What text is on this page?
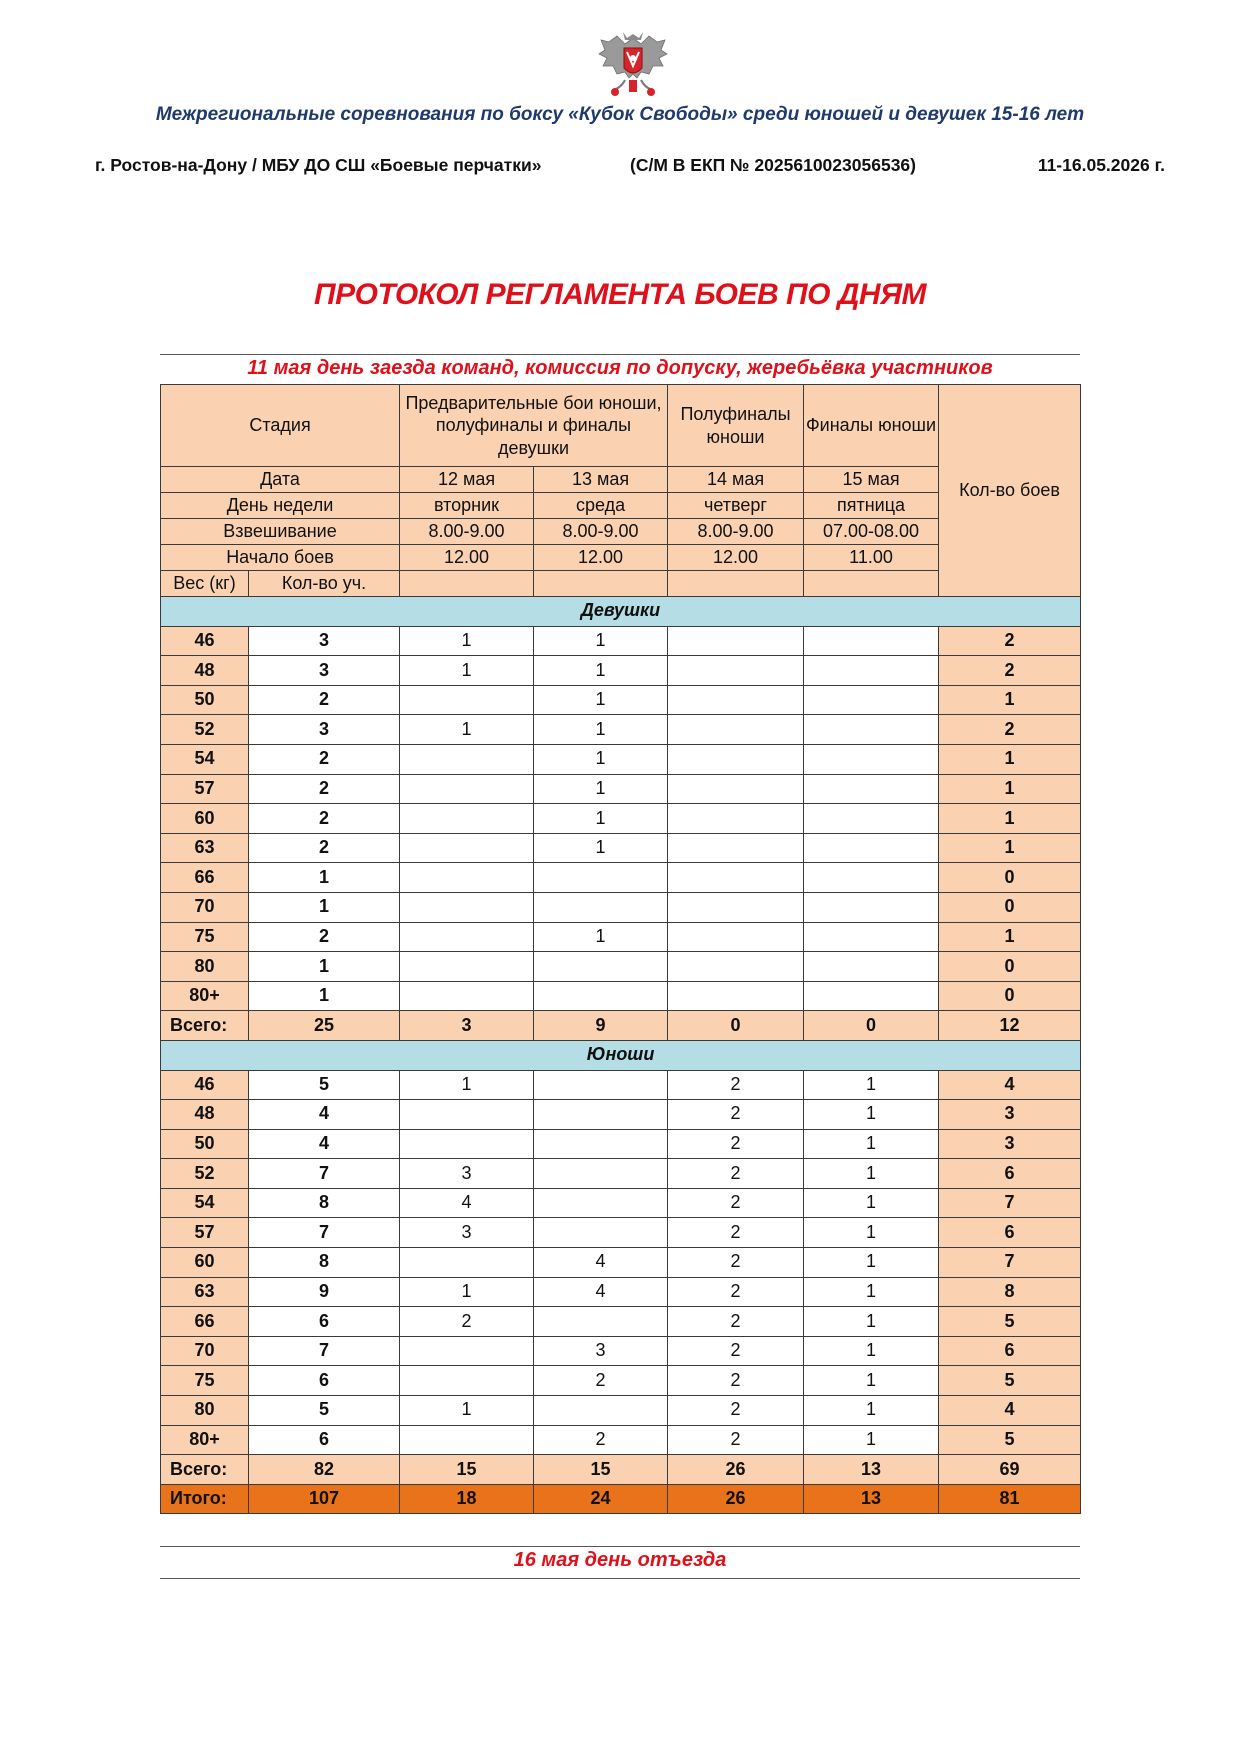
Межрегиональные соревнования по боксу «Кубок Свободы» среди юношей и девушек 15-16 лет
г. Ростов-на-Дону / МБУ ДО СШ «Боевые перчатки»	(С/М В ЕКП № 2025610023056536)	11-16.05.2026 г.
ПРОТОКОЛ РЕГЛАМЕНТА БОЕВ ПО ДНЯМ
11 мая день заезда команд, комиссия по допуску, жеребьёвка участников
Стадия		Предварительные бои юноши, полуфиналы и финалы девушки		Полуфиналы юноши	Финалы юноши	Кол-во боев
Дата		12 мая	13 мая	14 мая	15 мая	
День недели		вторник	среда	четверг	пятница	
Взвешивание		8.00-9.00	8.00-9.00	8.00-9.00	07.00-08.00	
Начало боев		12.00	12.00	12.00	11.00	
Вес (кг)	Кол-во уч.					
Девушки						
46	3	1	1			2
48	3	1	1			2
50	2		1			1
52	3	1	1			2
54	2		1			1
57	2		1			1
60	2		1			1
63	2		1			1
66	1					0
70	1					0
75	2		1			1
80	1					0
80+	1					0
Всего:	25	3	9	0	0	12
Юноши						
46	5	1		2	1	4
48	4			2	1	3
50	4			2	1	3
52	7	3		2	1	6
54	8	4		2	1	7
57	7	3		2	1	6
60	8		4	2	1	7
63	9	1	4	2	1	8
66	6	2		2	1	5
70	7		3	2	1	6
75	6		2	2	1	5
80	5	1		2	1	4
80+	6		2	2	1	5
Всего:	82	15	15	26	13	69
Итого:	107	18	24	26	13	81
16 мая день отъезда
